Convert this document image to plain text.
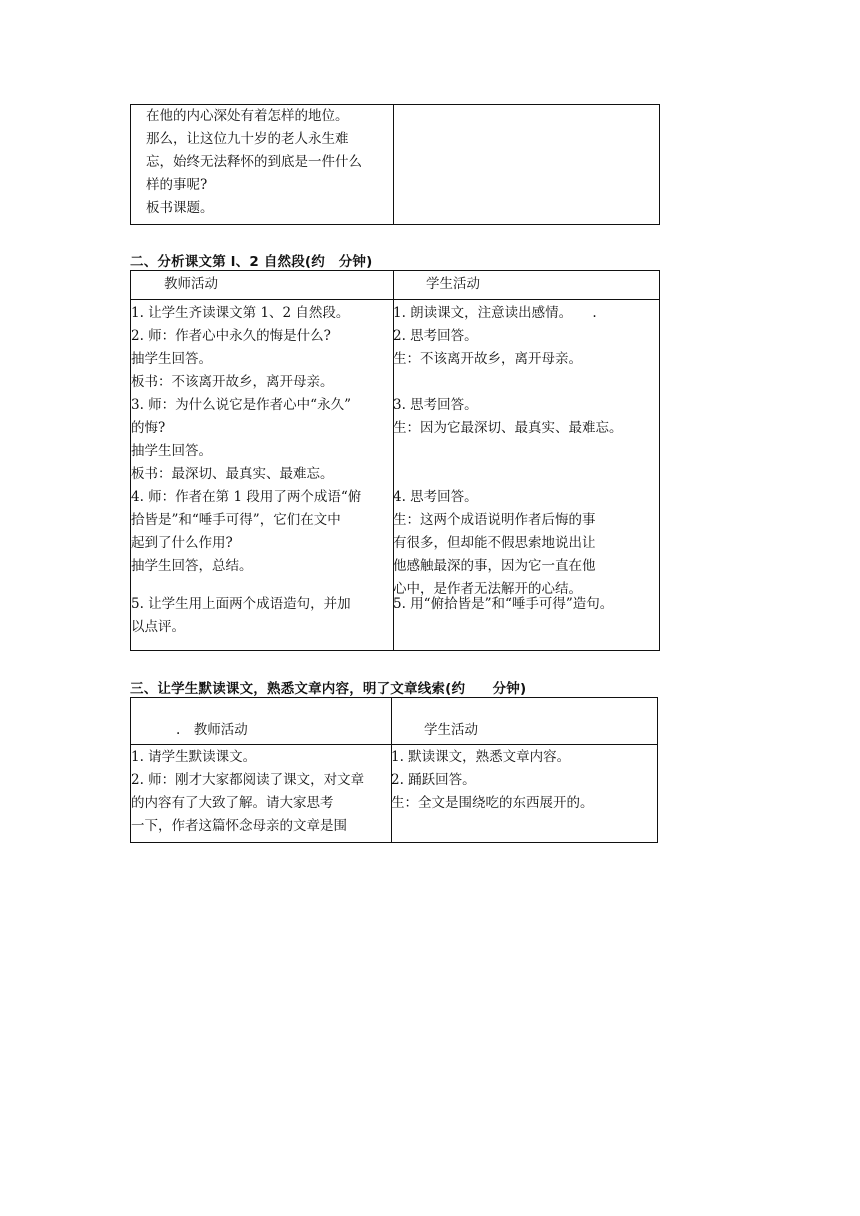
在他的内心深处有着怎样的地位。
那么，让这位九十岁的老人永生难
忘，始终无法释怀的到底是一件什么
样的事呢?
板书课题。
二、分析课文第 l、2 自然段(约　分钟)
教师活动	学生活动
1. 让学生齐读课文第 1、2 自然段。
2. 师：作者心中永久的悔是什么?
抽学生回答。
板书：不该离开故乡，离开母亲。
3. 师：为什么说它是作者心中“永久”
的悔?
抽学生回答。
板书：最深切、最真实、最难忘。
4. 师：作者在第 1 段用了两个成语“俯
拾皆是”和“唾手可得”，它们在文中
起到了什么作用?
抽学生回答，总结。
5. 让学生用上面两个成语造句，并加
以点评。
1. 朗读课文，注意读出感情。　　.
2. 思考回答。
生：不该离开故乡，离开母亲。
3. 思考回答。
生：因为它最深切、最真实、最难忘。
4. 思考回答。
生：这两个成语说明作者后悔的事
有很多，但却能不假思索地说出让
他感触最深的事，因为它一直在他
心中，是作者无法解开的心结。
5. 用“俯拾皆是”和“唾手可得”造句。
三、让学生默读课文，熟悉文章内容，明了文章线索(约　　分钟)
.　教师活动	学生活动
1. 请学生默读课文。
2. 师：刚才大家都阅读了课文，对文章
的内容有了大致了解。请大家思考
一下，作者这篇怀念母亲的文章是围
1. 默读课文，熟悉文章内容。
2. 踊跃回答。
生：全文是围绕吃的东西展开的。
